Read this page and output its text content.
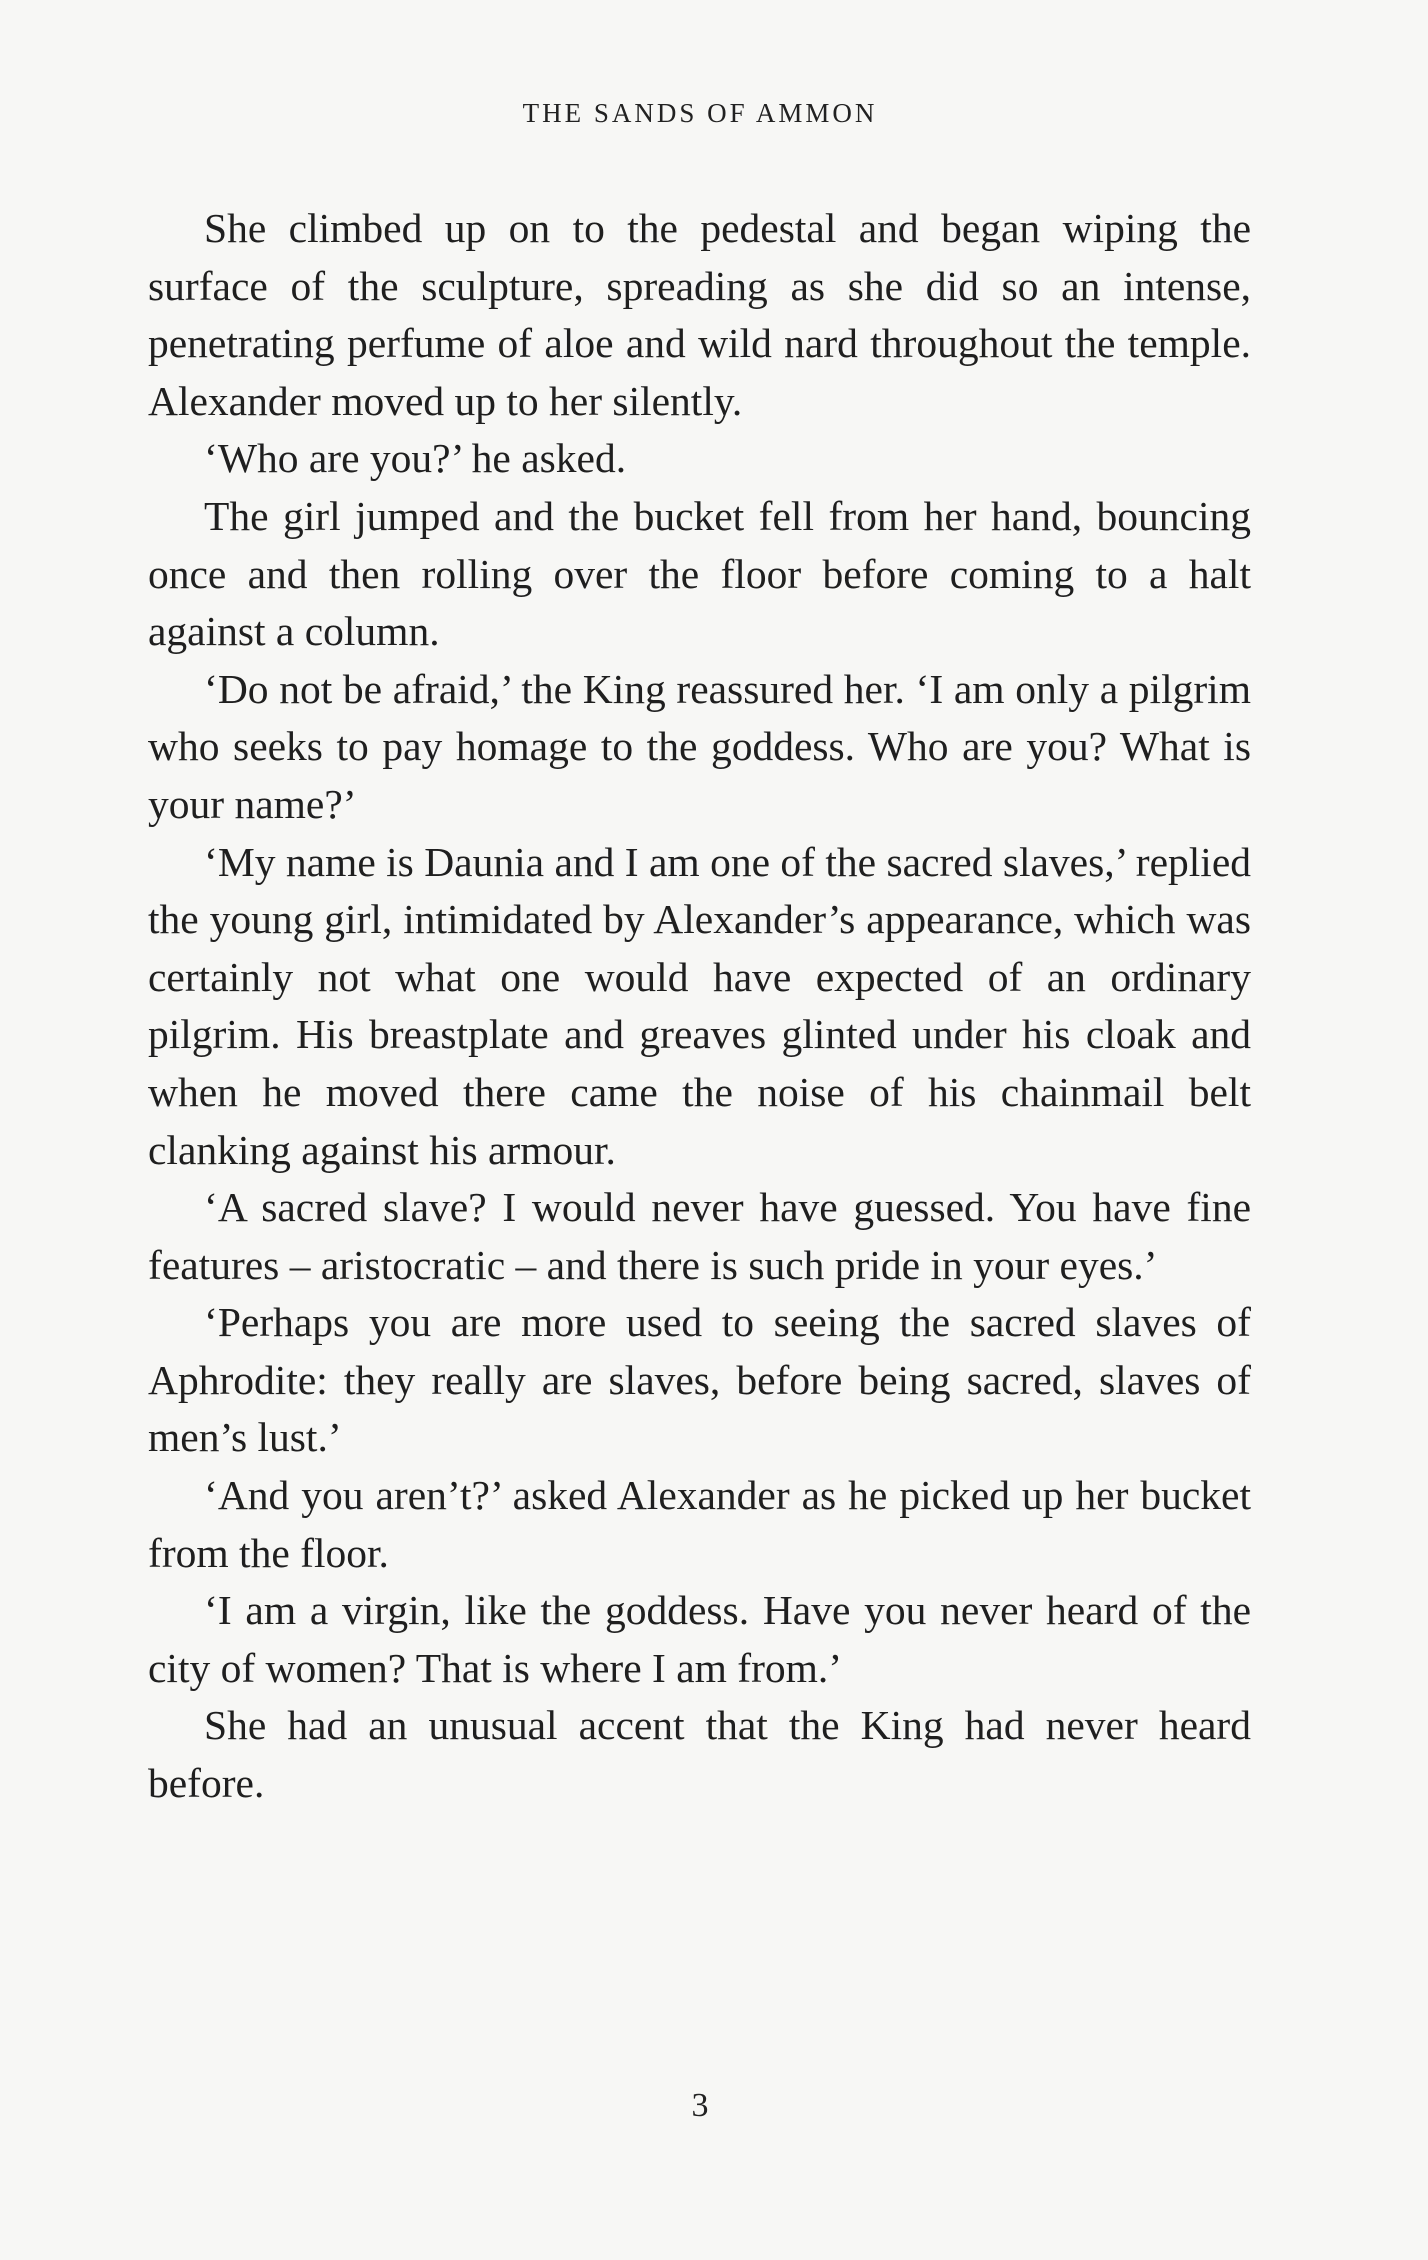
THE SANDS OF AMMON

She climbed up on to the pedestal and began wiping the surface of the sculpture, spreading as she did so an intense, penetrating perfume of aloe and wild nard throughout the temple. Alexander moved up to her silently.

‘Who are you?’ he asked.

The girl jumped and the bucket fell from her hand, bouncing once and then rolling over the floor before coming to a halt against a column.

‘Do not be afraid,’ the King reassured her. ‘I am only a pilgrim who seeks to pay homage to the goddess. Who are you? What is your name?’

‘My name is Daunia and I am one of the sacred slaves,’ replied the young girl, intimidated by Alexander’s appearance, which was certainly not what one would have expected of an ordinary pilgrim. His breastplate and greaves glinted under his cloak and when he moved there came the noise of his chainmail belt clanking against his armour.

‘A sacred slave? I would never have guessed. You have fine features – aristocratic – and there is such pride in your eyes.’

‘Perhaps you are more used to seeing the sacred slaves of Aphrodite: they really are slaves, before being sacred, slaves of men’s lust.’

‘And you aren’t?’ asked Alexander as he picked up her bucket from the floor.

‘I am a virgin, like the goddess. Have you never heard of the city of women? That is where I am from.’

She had an unusual accent that the King had never heard before.

3
